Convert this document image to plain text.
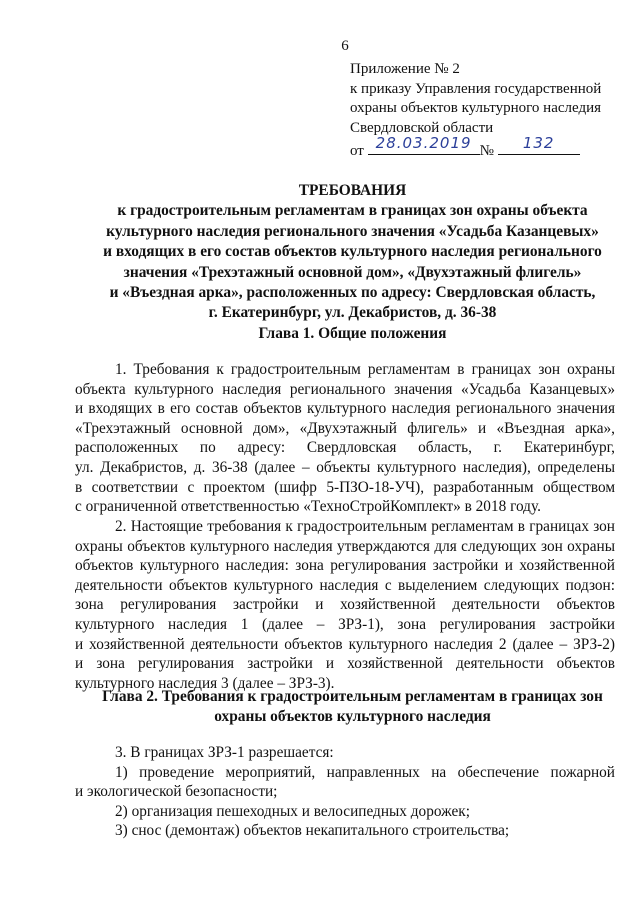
6
Приложение № 2
к приказу Управления государственной
охраны объектов культурного наследия
Свердловской области
от 28.03.2019 №	132
ТРЕБОВАНИЯ
к градостроительным регламентам в границах зон охраны объекта
культурного наследия регионального значения «Усадьба Казанцевых»
и входящих в его состав объектов культурного наследия регионального
значения «Трехэтажный основной дом», «Двухэтажный флигель»
и «Въездная арка», расположенных по адресу: Свердловская область,
г. Екатеринбург, ул. Декабристов, д. 36-38
Глава 1. Общие положения
1. Требования к градостроительным регламентам в границах зон охраны
объекта культурного наследия регионального значения «Усадьба Казанцевых»
и входящих в его состав объектов культурного наследия регионального значения
«Трехэтажный основной дом», «Двухэтажный флигель» и «Въездная арка»,
расположенных по адресу: Свердловская область, г. Екатеринбург,
ул. Декабристов, д. 36-38 (далее – объекты культурного наследия), определены
в соответствии с проектом (шифр 5-ПЗО-18-УЧ), разработанным обществом
с ограниченной ответственностью «ТехноСтройКомплект» в 2018 году.
2. Настоящие требования к градостроительным регламентам в границах зон
охраны объектов культурного наследия утверждаются для следующих зон охраны
объектов культурного наследия: зона регулирования застройки и хозяйственной
деятельности объектов культурного наследия с выделением следующих подзон:
зона регулирования застройки и хозяйственной деятельности объектов
культурного наследия 1 (далее – ЗРЗ-1), зона регулирования застройки
и хозяйственной деятельности объектов культурного наследия 2 (далее – ЗРЗ-2)
и зона регулирования застройки и хозяйственной деятельности объектов
культурного наследия 3 (далее – ЗРЗ-3).
Глава 2. Требования к градостроительным регламентам в границах зон
охраны объектов культурного наследия
3. В границах ЗРЗ-1 разрешается:
1) проведение мероприятий, направленных на обеспечение пожарной
и экологической безопасности;
2) организация пешеходных и велосипедных дорожек;
3) снос (демонтаж) объектов некапитального строительства;
